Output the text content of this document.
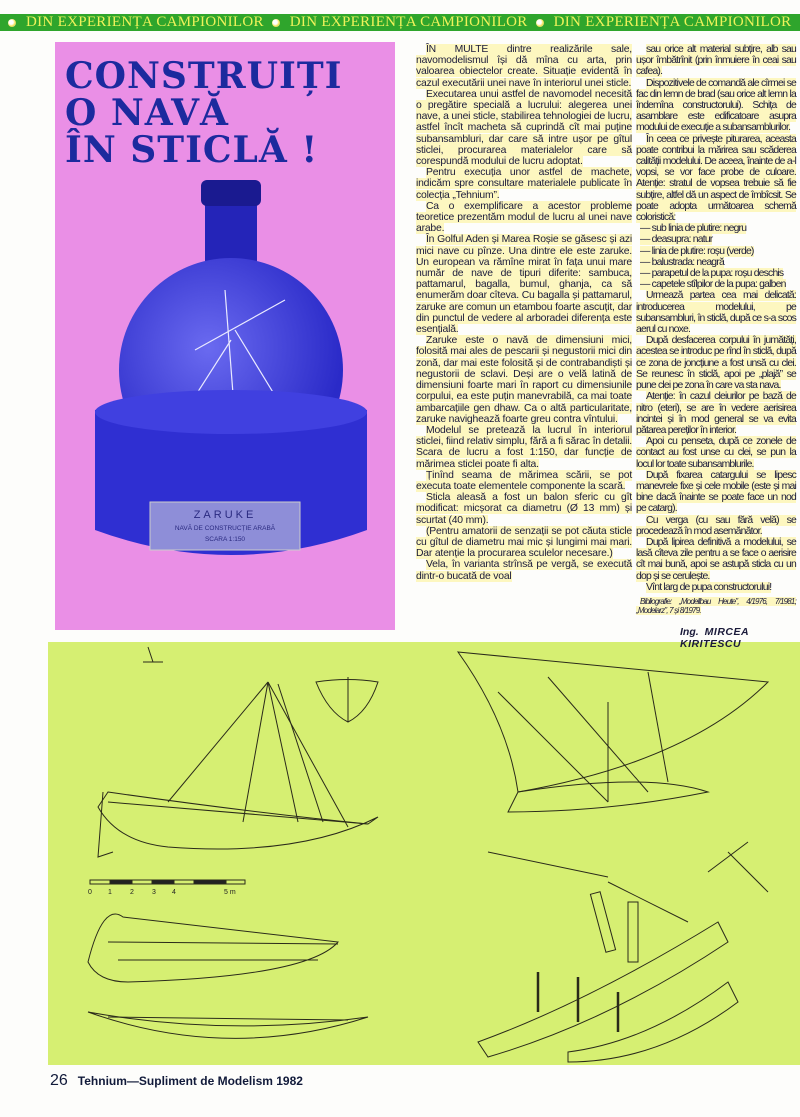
DIN EXPERIENȚA CAMPIONILOR DIN EXPERIENȚA CAMPIONILOR DIN EXPERIENȚA CAMPIONILOR
CONSTRUIȚI
O NAVĂ
ÎN STICLĂ !
ZARUKE
NAVĂ DE CONSTRUCȚIE ARABĂ
SCARA 1:150

ÎN MULTE dintre realizările sale, navomodelismul își dă mîna cu arta, prin valoarea obiectelor create. Situație evidentă în cazul executării unei nave în interiorul unei sticle.

Executarea unui astfel de navomodel necesită o pregătire specială a lucrului: alegerea unei nave, a unei sticle, stabilirea tehnologiei de lucru, astfel încît macheta să cuprindă cît mai puține subansambluri, dar care să intre ușor pe gîtul sticlei, procurarea materialelor care să corespundă modului de lucru adoptat.

Pentru execuția unor astfel de machete, indicăm spre consultare materialele publicate în colecția „Tehnium”.

Ca o exemplificare a acestor probleme teoretice prezentăm modul de lucru al unei nave arabe.

În Golful Aden și Marea Roșie se găsesc și azi mici nave cu pînze. Una dintre ele este zaruke. Un european va rămîne mirat în fața unui mare număr de nave de tipuri diferite: sambuca, pattamarul, bagalla, bumul, ghanja, ca să enumerăm doar cîteva. Cu bagalla și pattamarul, zaruke are comun un etambou foarte ascuțit, dar din punctul de vedere al arboradei diferența este esențială.

Zaruke este o navă de dimensiuni mici, folosită mai ales de pescarii și negustorii mici din zonă, dar mai este folosită și de contrabandiști și negustorii de sclavi. Deși are o velă latină de dimensiuni foarte mari în raport cu dimensiunile corpului, ea este puțin manevrabilă, ca mai toate ambarcațiile gen dhaw. Ca o altă particularitate, zaruke navighează foarte greu contra vîntului.

Modelul se pretează la lucrul în interiorul sticlei, fiind relativ simplu, fără a fi sărac în detalii. Scara de lucru a fost 1:150, dar funcție de mărimea sticlei poate fi alta.

Ținînd seama de mărimea scării, se pot executa toate elementele componente la scară.

Sticla aleasă a fost un balon sferic cu gît modificat: micșorat ca diametru (Ø 13 mm) și scurtat (40 mm).

(Pentru amatorii de senzații se pot căuta sticle cu gîtul de diametru mai mic și lungimi mai mari. Dar atenție la procurarea sculelor necesare.)

Vela, în varianta strînsă pe vergă, se execută dintr-o bucată de voal

sau orice alt material subțire, alb sau ușor îmbătrînit (prin înmuiere în ceai sau cafea).

Dispozitivele de comandă ale cîrmei se fac din lemn de brad (sau orice alt lemn la îndemîna constructorului). Schița de asamblare este edificatoare asupra modului de execuție a subansamblurilor.

În ceea ce privește piturarea, aceasta poate contribui la mărirea sau scăderea calității modelului. De aceea, înainte de a-l vopsi, se vor face probe de culoare. Atenție: stratul de vopsea trebuie să fie subțire, altfel dă un aspect de îmbîcsit. Se poate adopta următoarea schemă coloristică:

— sub linia de plutire: negru

— deasupra: natur

— linia de plutire: roșu (verde)

— balustrada: neagră

— parapetul de la pupa: roșu deschis

— capetele stîlpilor de la pupa: galben

Urmează partea cea mai delicată: introducerea modelului, pe subansambluri, în sticlă, după ce s-a scos aerul cu noxe.

După desfacerea corpului în jumătăți, acestea se introduc pe rînd în sticlă, după ce zona de joncțiune a fost unsă cu clei. Se reunesc în sticlă, apoi pe „plajă” se pune clei pe zona în care va sta nava.

Atenție: în cazul cleiurilor pe bază de nitro (eteri), se are în vedere aerisirea incintei și în mod general se va evita pătarea pereților în interior.

Apoi cu penseta, după ce zonele de contact au fost unse cu clei, se pun la locul lor toate subansamblurile.

După fixarea catargului se lipesc manevrele fixe și cele mobile (este și mai bine dacă înainte se poate face un nod pe catarg).

Cu verga (cu sau fără velă) se procedează în mod asemănător.

După lipirea definitivă a modelului, se lasă cîteva zile pentru a se face o aerisire cît mai bună, apoi se astupă sticla cu un dop și se cerulește.

Vînt larg de pupa constructorului!

Bibliografie: „Modellbau Heute”, 4/1976, 7/1981; „Modelarz”, 7 și 8/1979.

Ing. MIRCEA KIRITESCU
0 1	2	3 4	5 m
26 Tehnium—Supliment de Modelism 1982
